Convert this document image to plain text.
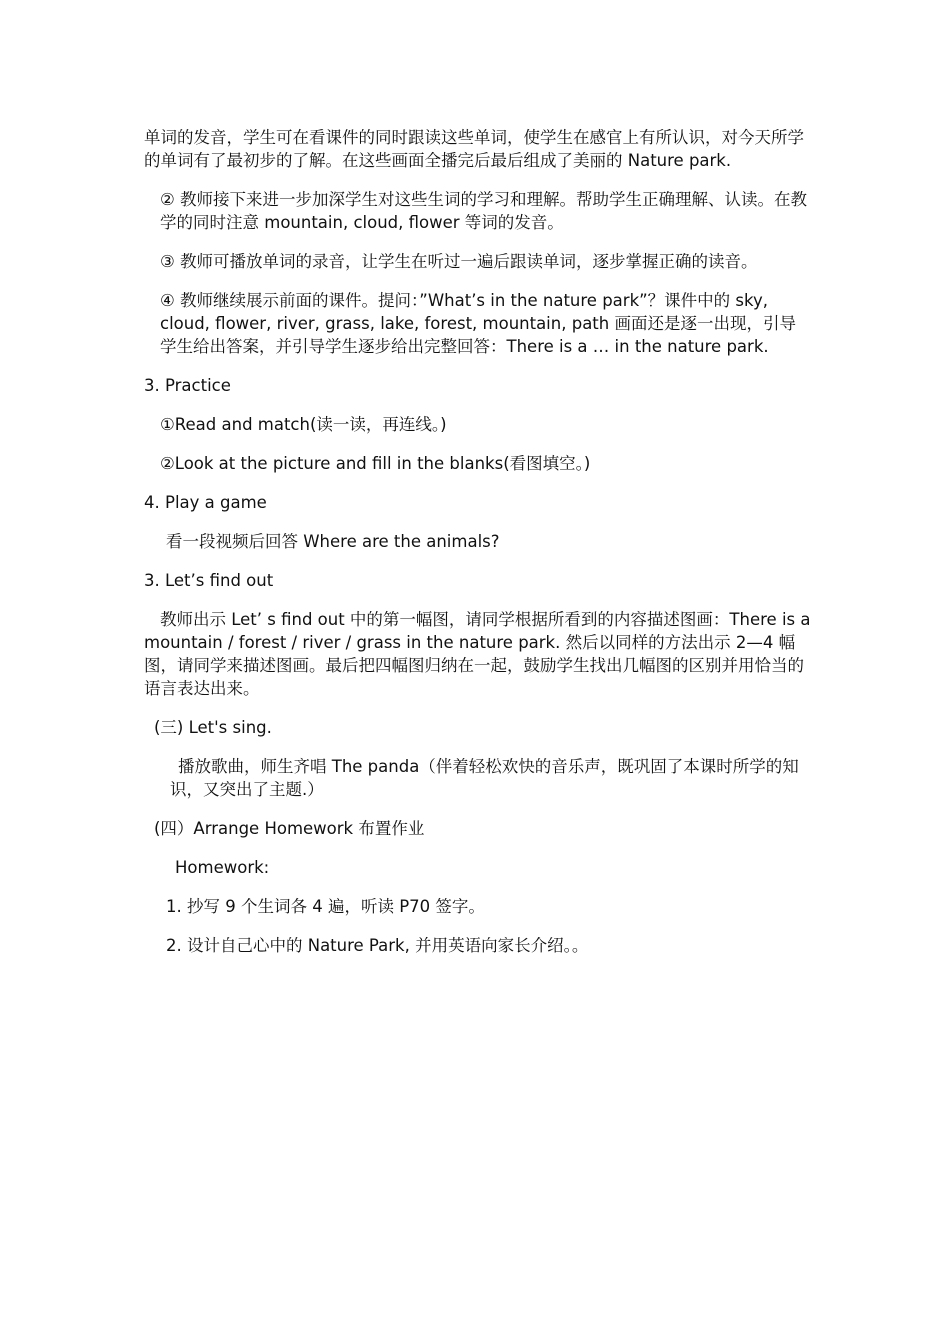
单词的发音，学生可在看课件的同时跟读这些单词，使学生在感官上有所认识，对今天所学的单词有了最初步的了解。在这些画面全播完后最后组成了美丽的 Nature park.

② 教师接下来进一步加深学生对这些生词的学习和理解。帮助学生正确理解、认读。在教学的同时注意 mountain, cloud, flower 等词的发音。

③ 教师可播放单词的录音，让学生在听过一遍后跟读单词，逐步掌握正确的读音。

④ 教师继续展示前面的课件。提问：”What’s in the nature park”？课件中的 sky, cloud, flower, river, grass, lake, forest, mountain, path 画面还是逐一出现，引导学生给出答案，并引导学生逐步给出完整回答：There is a … in the nature park.

3. Practice

①Read and match(读一读，再连线。)

②Look at the picture and fill in the blanks(看图填空。)

4. Play a game

看一段视频后回答 Where are the animals?

3. Let’s find out

教师出示 Let’ s find out 中的第一幅图，请同学根据所看到的内容描述图画：There is a mountain / forest / river / grass in the nature park. 然后以同样的方法出示 2—4 幅图，请同学来描述图画。最后把四幅图归纳在一起，鼓励学生找出几幅图的区别并用恰当的语言表达出来。

(三) Let's sing.

播放歌曲，师生齐唱 The panda（伴着轻松欢快的音乐声，既巩固了本课时所学的知识，又突出了主题.）

(四）Arrange Homework 布置作业

Homework:

1. 抄写 9 个生词各 4 遍，听读 P70 签字。

2. 设计自己心中的 Nature Park, 并用英语向家长介绍。。
